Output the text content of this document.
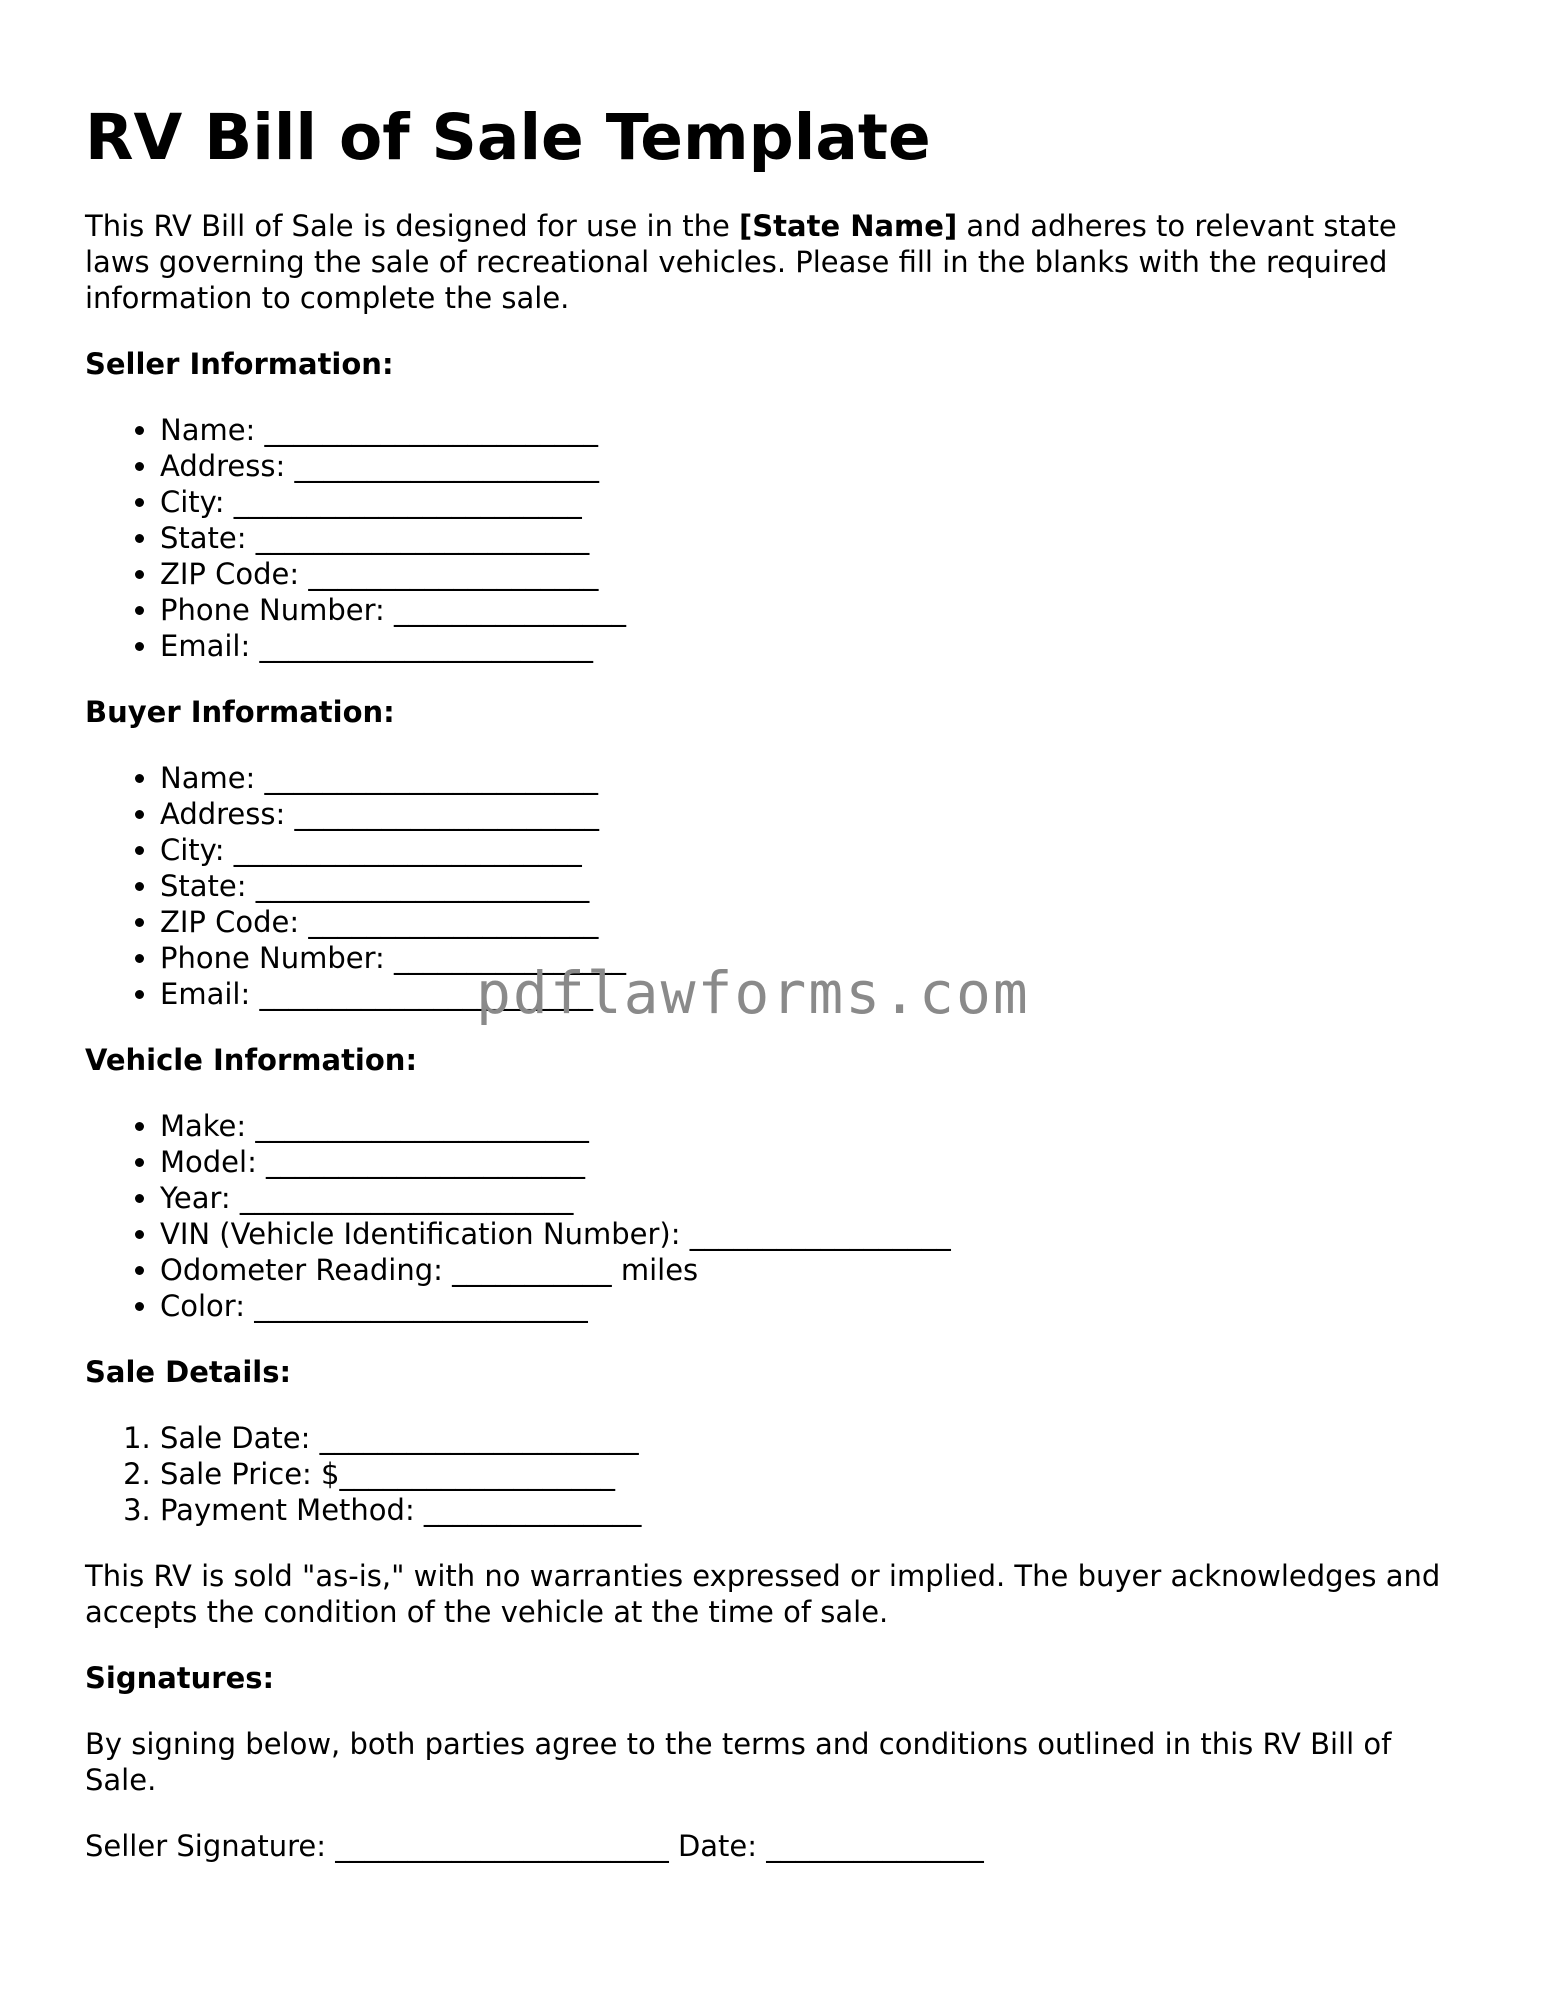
RV Bill of Sale Template

This RV Bill of Sale is designed for use in the [State Name] and adheres to relevant state laws governing the sale of recreational vehicles. Please fill in the blanks with the required information to complete the sale.

Seller Information:

• Name: _______________________
• Address: _____________________
• City: ________________________
• State: _______________________
• ZIP Code: ____________________
• Phone Number: ________________
• Email: _______________________

Buyer Information:

• Name: _______________________
• Address: _____________________
• City: ________________________
• State: _______________________
• ZIP Code: ____________________
• Phone Number: ________________
• Email: _______________________

Vehicle Information:

• Make: _______________________
• Model: ______________________
• Year: _______________________
• VIN (Vehicle Identification Number): __________________
• Odometer Reading: ___________ miles
• Color: _______________________

Sale Details:

1. Sale Date: ______________________
2. Sale Price: $___________________
3. Payment Method: _______________

This RV is sold "as-is," with no warranties expressed or implied. The buyer acknowledges and accepts the condition of the vehicle at the time of sale.

Signatures:

By signing below, both parties agree to the terms and conditions outlined in this RV Bill of Sale.

Seller Signature: _______________________ Date: _______________

pdflawforms.com
